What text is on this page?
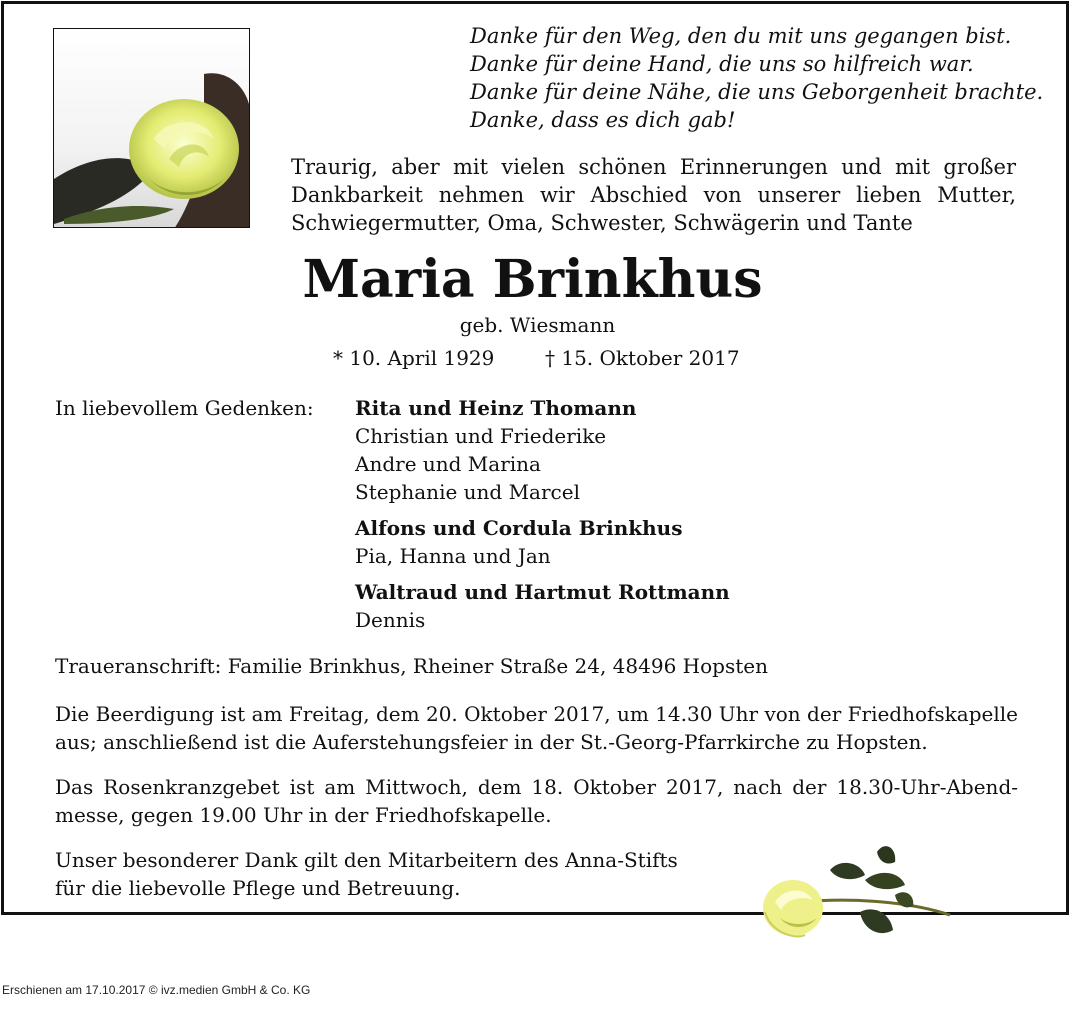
Danke für den Weg, den du mit uns gegangen bist.
Danke für deine Hand, die uns so hilfreich war.
Danke für deine Nähe, die uns Geborgenheit brachte.
Danke, dass es dich gab!
Traurig, aber mit vielen schönen Erinnerungen und mit großer Dankbarkeit nehmen wir Abschied von unserer lieben Mutter, Schwiegermutter, Oma, Schwester, Schwägerin und Tante
Maria Brinkhus
geb. Wiesmann
* 10. April 1929	† 15. Oktober 2017
In liebevollem Gedenken: Rita und Heinz Thomann
Christian und Friederike
Andre und Marina
Stephanie und Marcel
Alfons und Cordula Brinkhus
Pia, Hanna und Jan
Waltraud und Hartmut Rottmann
Dennis
Traueranschrift: Familie Brinkhus, Rheiner Straße 24, 48496 Hopsten
Die Beerdigung ist am Freitag, dem 20. Oktober 2017, um 14.30 Uhr von der Friedhofskapelle aus; anschließend ist die Auferstehungsfeier in der St.-Georg-Pfarrkirche zu Hopsten.
Das Rosenkranzgebet ist am Mittwoch, dem 18. Oktober 2017, nach der 18.30-Uhr-Abend-messe, gegen 19.00 Uhr in der Friedhofskapelle.
Unser besonderer Dank gilt den Mitarbeitern des Anna-Stifts für die liebevolle Pflege und Betreuung.
Erschienen am 17.10.2017 © ivz.medien GmbH & Co. KG
